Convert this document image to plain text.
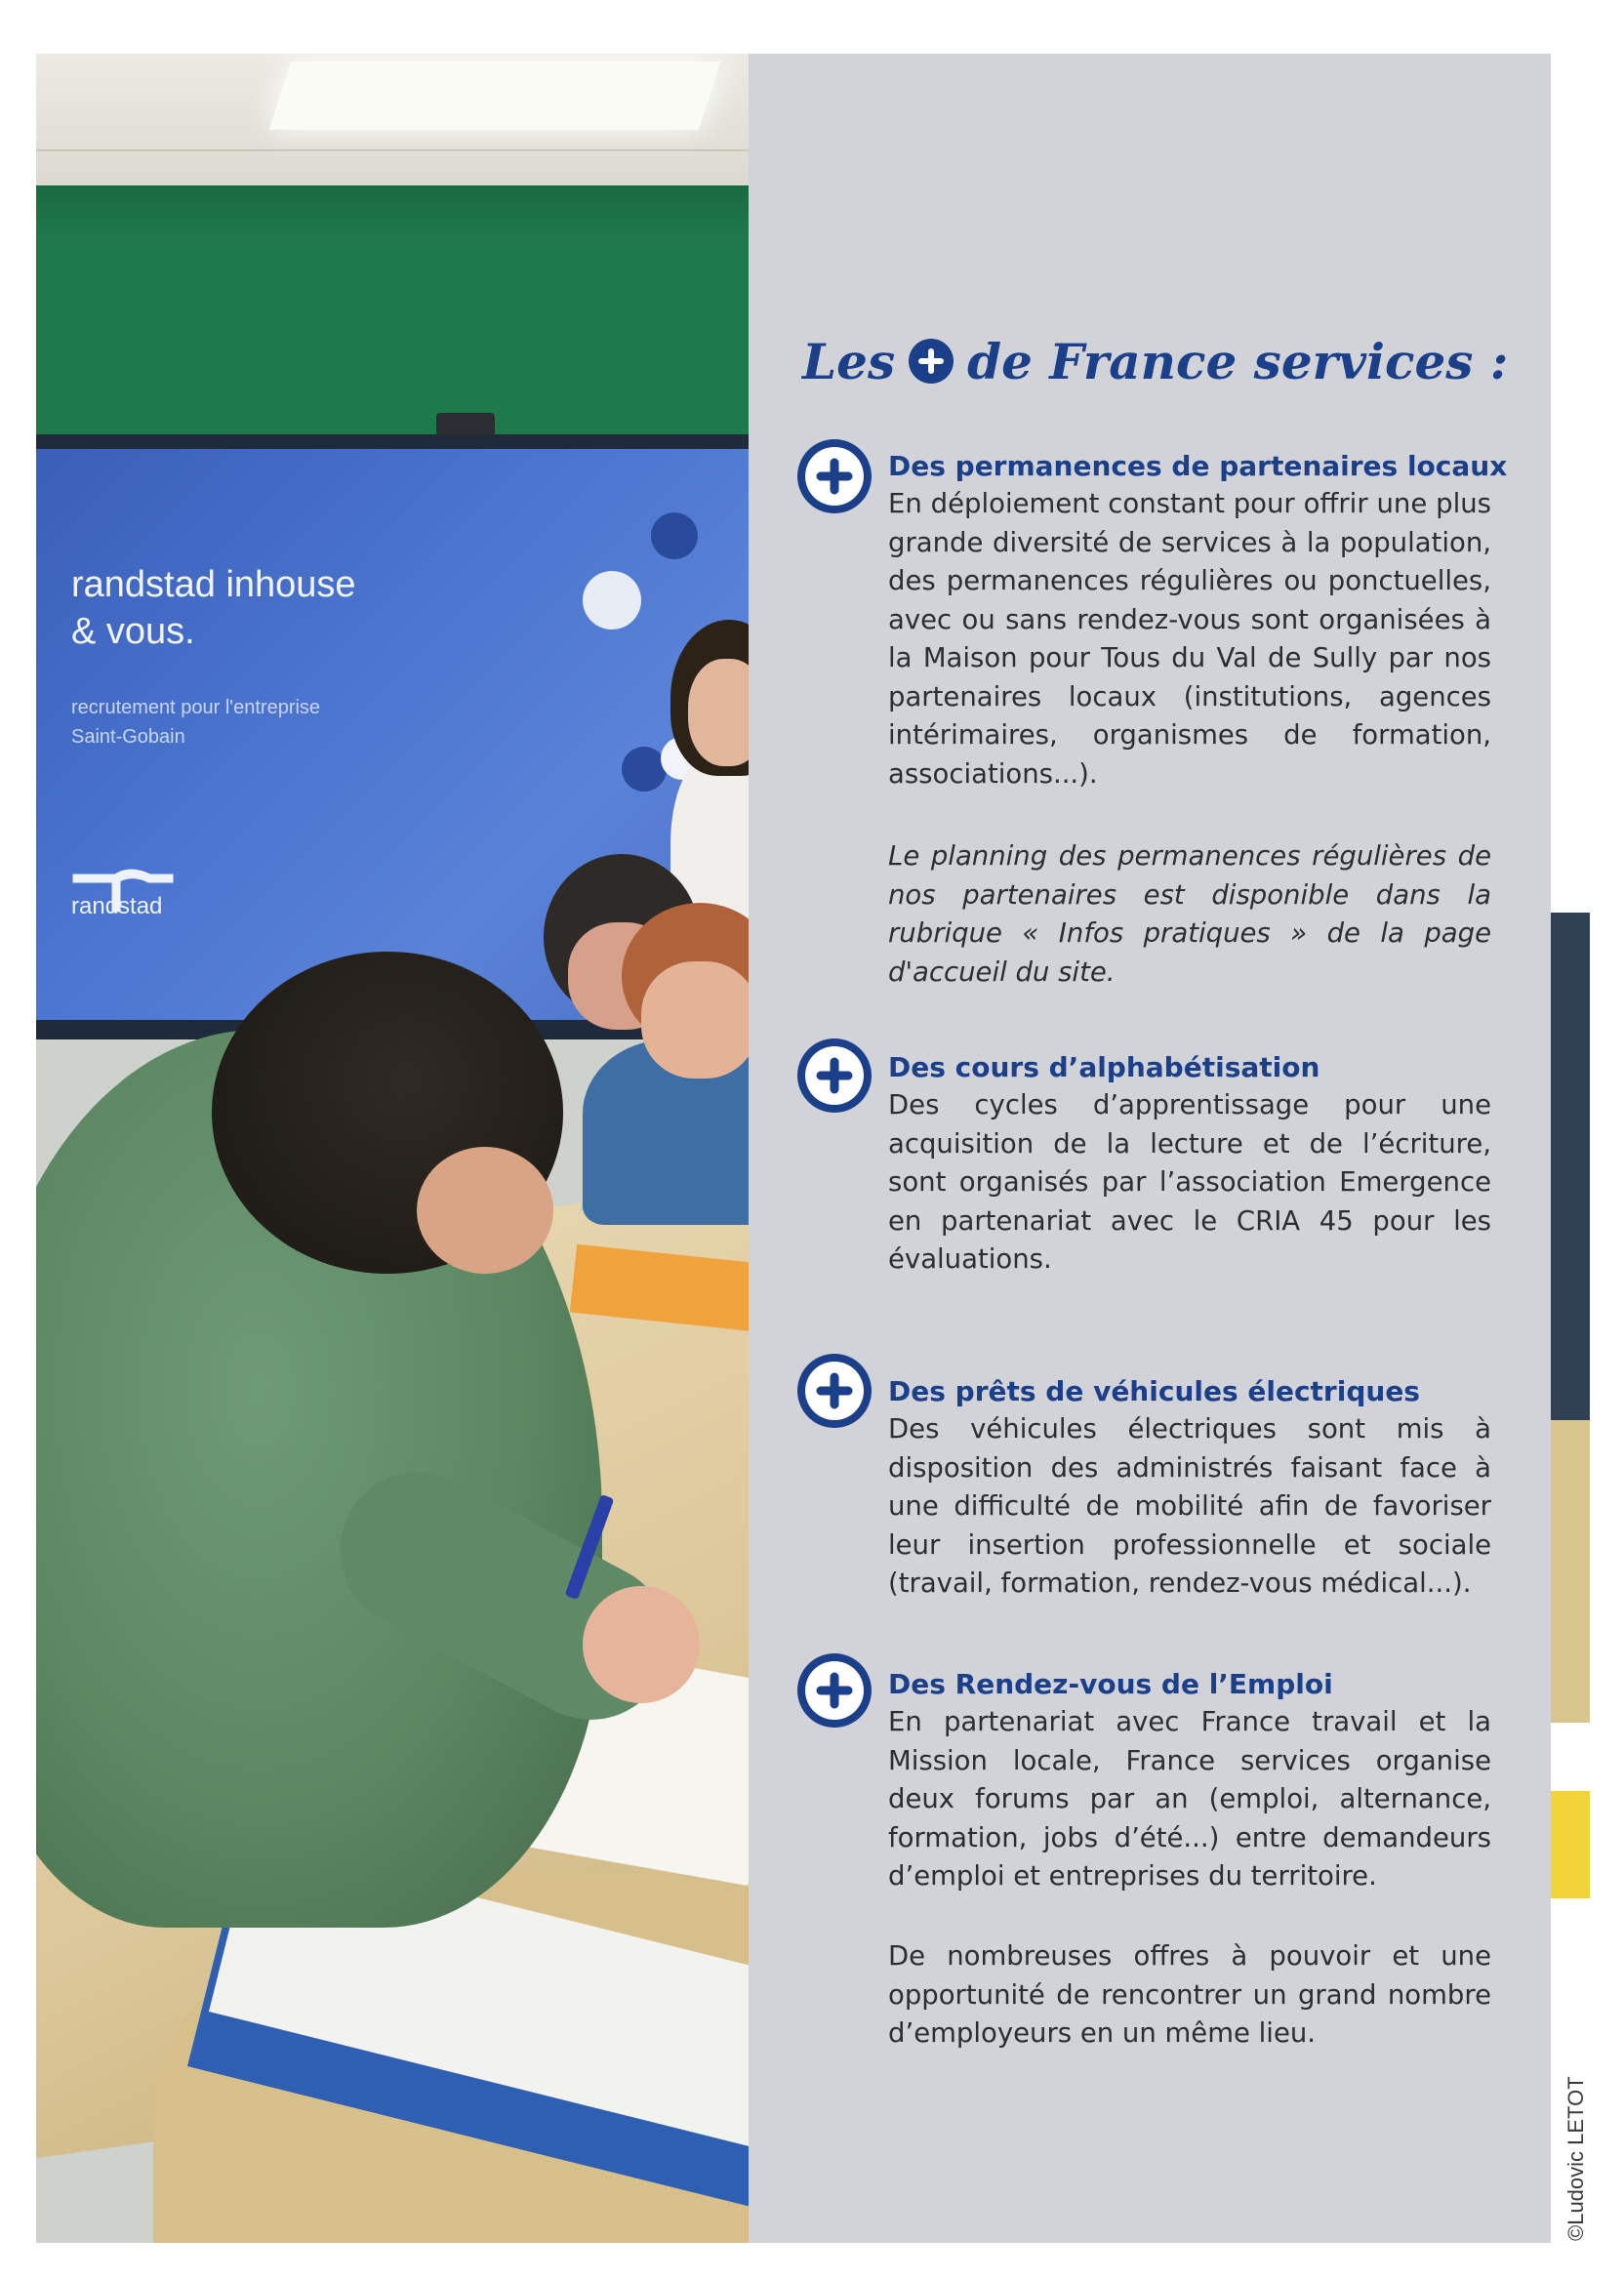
randstad inhouse
& vous.
recrutement pour l'entreprise
Saint-Gobain
randstad
Les de France services :
Des permanences de partenaires locaux

En déploiement constant pour offrir une plus grande diversité de services à la population, des permanences régulières ou ponctuelles, avec ou sans rendez-vous sont organisées à la Maison pour Tous du Val de Sully par nos partenaires locaux (institutions, agences intérimaires, organismes de formation, associations...).

Le planning des permanences régulières de nos partenaires est disponible dans la rubrique « Infos pratiques » de la page d'accueil du site.

Des cours d’alphabétisation

Des cycles d’apprentissage pour une acquisition de la lecture et de l’écriture, sont organisés par l’association Emergence en partenariat avec le CRIA 45 pour les évaluations.

Des prêts de véhicules électriques

Des véhicules électriques sont mis à disposition des administrés faisant face à une difficulté de mobilité afin de favoriser leur insertion professionnelle et sociale (travail, formation, rendez-vous médical...).

Des Rendez-vous de l’Emploi

En partenariat avec France travail et la Mission locale, France services organise deux forums par an (emploi, alternance, formation, jobs d’été...) entre demandeurs d’emploi et entreprises du territoire.

De nombreuses offres à pouvoir et une opportunité de rencontrer un grand nombre d’employeurs en un même lieu.

©Ludovic LETOT
